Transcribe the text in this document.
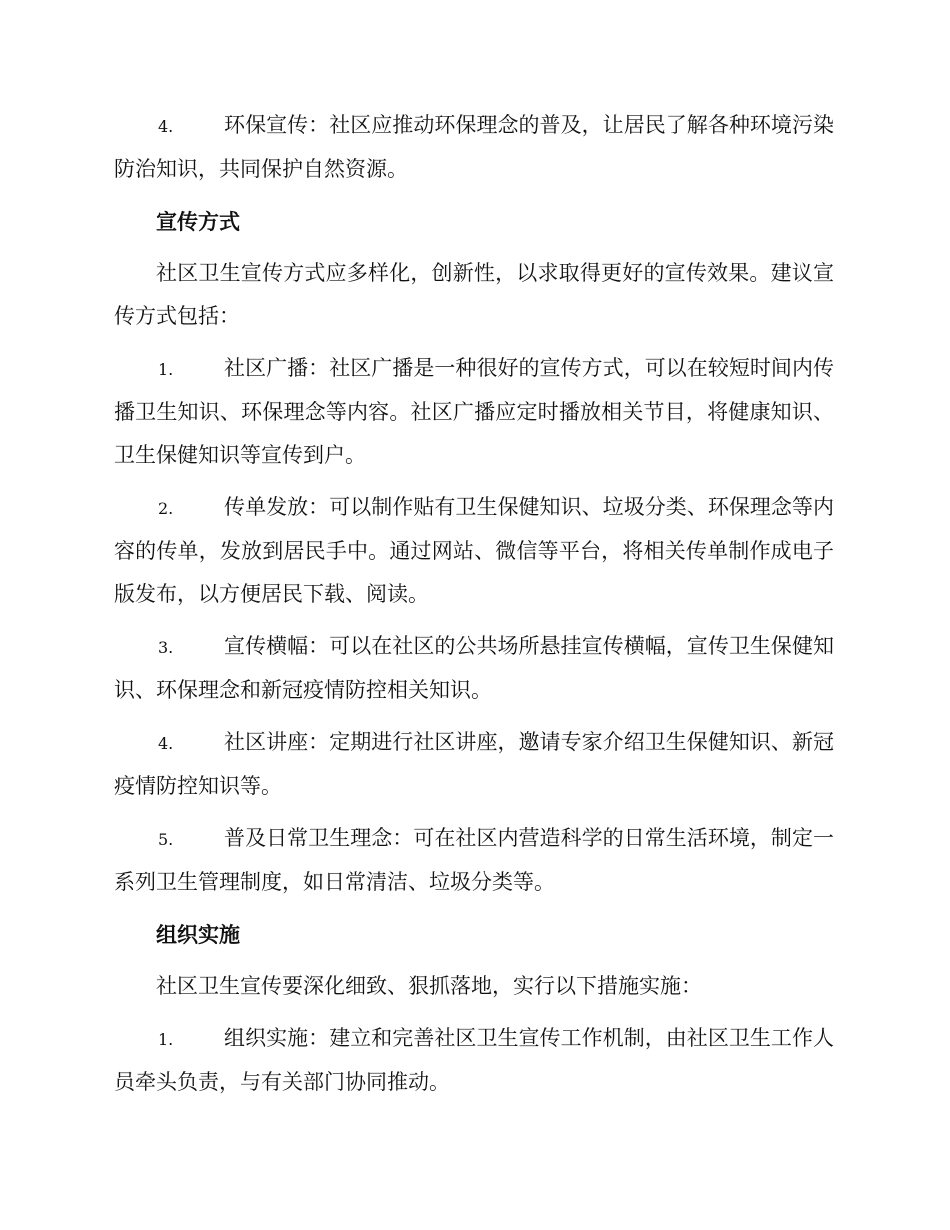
4. 环保宣传：社区应推动环保理念的普及，让居民了解各种环境污染防治知识，共同保护自然资源。

宣传方式

社区卫生宣传方式应多样化，创新性，以求取得更好的宣传效果。建议宣传方式包括：

1. 社区广播：社区广播是一种很好的宣传方式，可以在较短时间内传播卫生知识、环保理念等内容。社区广播应定时播放相关节目，将健康知识、卫生保健知识等宣传到户。

2. 传单发放：可以制作贴有卫生保健知识、垃圾分类、环保理念等内容的传单，发放到居民手中。通过网站、微信等平台，将相关传单制作成电子版发布，以方便居民下载、阅读。

3. 宣传横幅：可以在社区的公共场所悬挂宣传横幅，宣传卫生保健知识、环保理念和新冠疫情防控相关知识。

4. 社区讲座：定期进行社区讲座，邀请专家介绍卫生保健知识、新冠疫情防控知识等。

5. 普及日常卫生理念：可在社区内营造科学的日常生活环境，制定一系列卫生管理制度，如日常清洁、垃圾分类等。

组织实施

社区卫生宣传要深化细致、狠抓落地，实行以下措施实施：

1. 组织实施：建立和完善社区卫生宣传工作机制，由社区卫生工作人员牵头负责，与有关部门协同推动。
